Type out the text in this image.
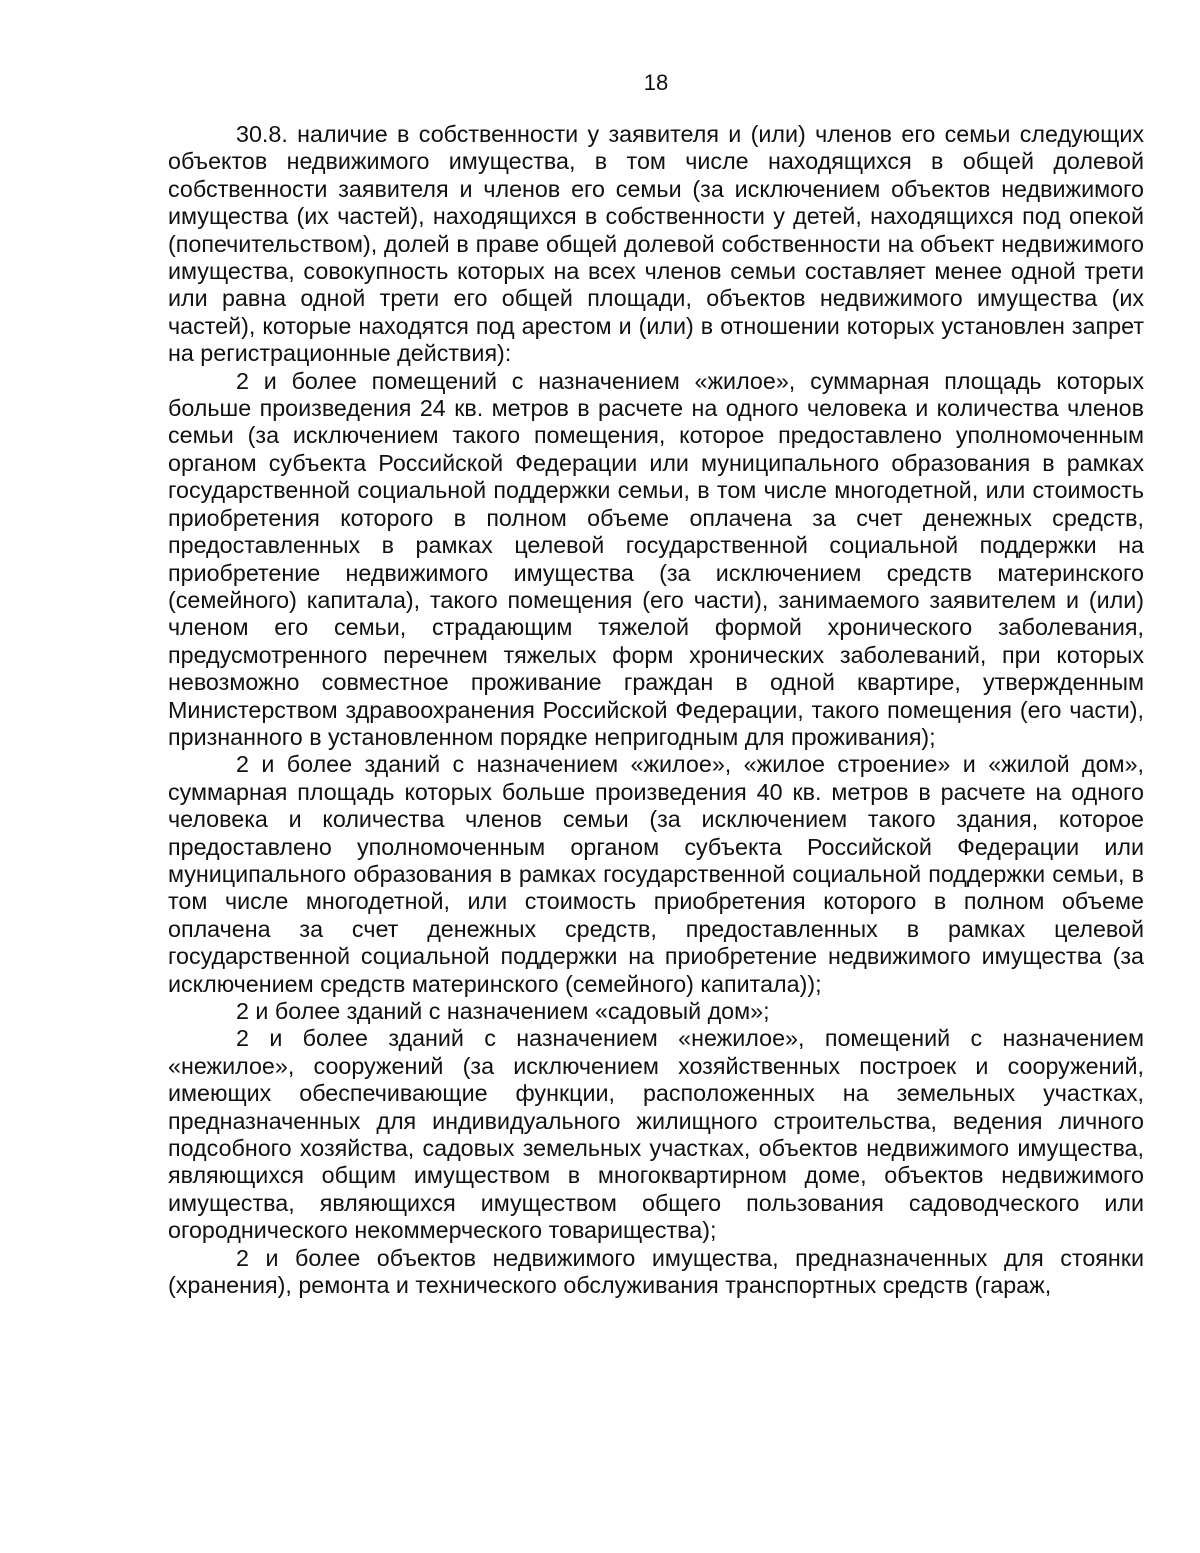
18

30.8. наличие в собственности у заявителя и (или) членов его семьи следующих объектов недвижимого имущества, в том числе находящихся в общей долевой собственности заявителя и членов его семьи (за исключением объектов недвижимого имущества (их частей), находящихся в собственности у детей, находящихся под опекой (попечительством), долей в праве общей долевой собственности на объект недвижимого имущества, совокупность которых на всех членов семьи составляет менее одной трети или равна одной трети его общей площади, объектов недвижимого имущества (их частей), которые находятся под арестом и (или) в отношении которых установлен запрет на регистрационные действия):

2 и более помещений с назначением «жилое», суммарная площадь которых больше произведения 24 кв. метров в расчете на одного человека и количества членов семьи (за исключением такого помещения, которое предоставлено уполномоченным органом субъекта Российской Федерации или муниципального образования в рамках государственной социальной поддержки семьи, в том числе многодетной, или стоимость приобретения которого в полном объеме оплачена за счет денежных средств, предоставленных в рамках целевой государственной социальной поддержки на приобретение недвижимого имущества (за исключением средств материнского (семейного) капитала), такого помещения (его части), занимаемого заявителем и (или) членом его семьи, страдающим тяжелой формой хронического заболевания, предусмотренного перечнем тяжелых форм хронических заболеваний, при которых невозможно совместное проживание граждан в одной квартире, утвержденным Министерством здравоохранения Российской Федерации, такого помещения (его части), признанного в установленном порядке непригодным для проживания);

2 и более зданий с назначением «жилое», «жилое строение» и «жилой дом», суммарная площадь которых больше произведения 40 кв. метров в расчете на одного человека и количества членов семьи (за исключением такого здания, которое предоставлено уполномоченным органом субъекта Российской Федерации или муниципального образования в рамках государственной социальной поддержки семьи, в том числе многодетной, или стоимость приобретения которого в полном объеме оплачена за счет денежных средств, предоставленных в рамках целевой государственной социальной поддержки на приобретение недвижимого имущества (за исключением средств материнского (семейного) капитала));

2 и более зданий с назначением «садовый дом»;

2 и более зданий с назначением «нежилое», помещений с назначением «нежилое», сооружений (за исключением хозяйственных построек и сооружений, имеющих обеспечивающие функции, расположенных на земельных участках, предназначенных для индивидуального жилищного строительства, ведения личного подсобного хозяйства, садовых земельных участках, объектов недвижимого имущества, являющихся общим имуществом в многоквартирном доме, объектов недвижимого имущества, являющихся имуществом общего пользования садоводческого или огороднического некоммерческого товарищества);

2 и более объектов недвижимого имущества, предназначенных для стоянки (хранения), ремонта и технического обслуживания транспортных средств (гараж,
